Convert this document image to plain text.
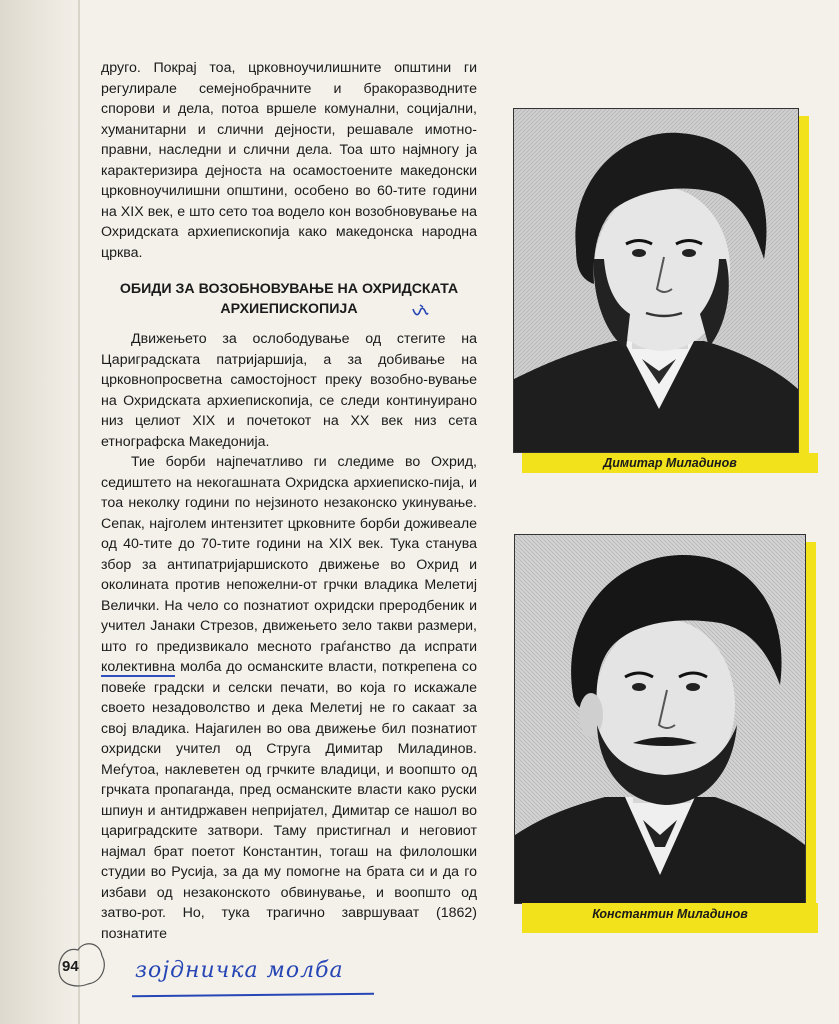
друго. Покрај тоа, црковноучилишните општини ги регулирале семејнобрачните и бракоразводните спорови и дела, потоа вршеле комунални, социјални, хуманитарни и слични дејности, решавале имотно-правни, наследни и слични дела. Тоа што најмногу ја карактеризира дејноста на осамостоените македонски црковноучилишни општини, особено во 60-тите години на XIX век, е што сето тоа водело кон возобновување на Охридската архиепископија како македонска народна црква.

ОБИДИ ЗА ВОЗОБНОВУВАЊЕ НА ОХРИДСКАТА АРХИЕПИСКОПИЈА

Движењето за ослободување од стегите на Цариградската патријаршија, а за добивање на црковнопросветна самостојност преку возобно-вување на Охридската архиепископија, се следи континуирано низ целиот XIX и почетокот на XX век низ сета етнографска Македонија.

Тие борби најпечатливо ги следиме во Охрид, седиштето на некогашната Охридска архиеписко-пија, и тоа неколку години по нејзиното незаконско укинување. Сепак, најголем интензитет црковните борби доживеале од 40-тите до 70-тите години на XIX век. Тука станува збор за антипатријаршиското движење во Охрид и околината против непожелни-от грчки владика Мелетиј Велички. На чело со познатиот охридски преродбеник и учител Јанаки Стрезов, движењето зело такви размери, што го предизвикало месното граѓанство да испрати колективна молба до османските власти, поткрепена со повеќе градски и селски печати, во која го искажале своето незадоволство и дека Мелетиј не го сакаат за свој владика. Најагилен во ова движење бил познатиот охридски учител од Струга Димитар Миладинов. Меѓутоа, наклеветен од грчките владици, и воопшто од грчката пропаганда, пред османските власти како руски шпиун и антидржавен непријател, Димитар се нашол во цариградските затвори. Таму пристигнал и неговиот најмал брат поетот Константин, тогаш на филолошки студии во Русија, за да му помогне на брата си и да го избави од незаконското обвинување, и воопшто од затво-рот. Но, тука трагично завршуваат (1862) познатите

Димитар Миладинов
Константин Миладинов
94	зоjдничка молба
